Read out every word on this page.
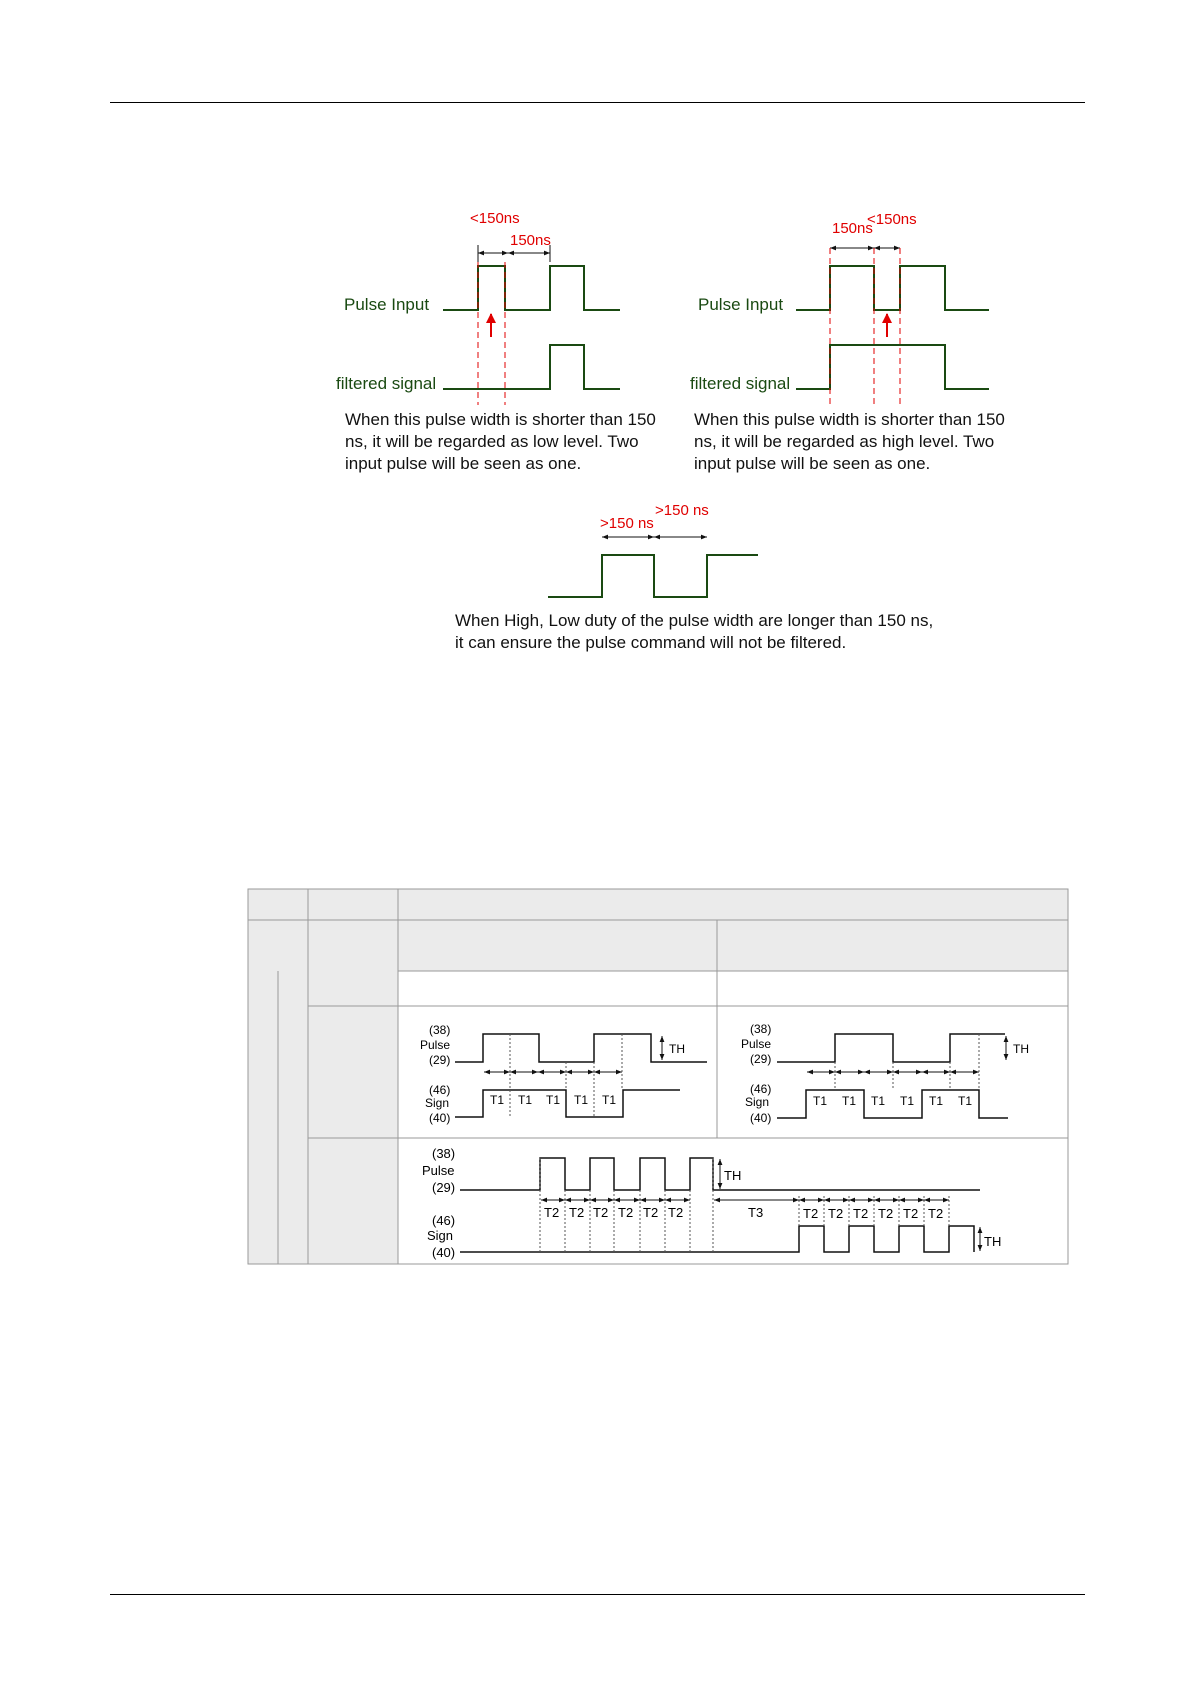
<150ns
150ns
Pulse Input
filtered signal
When this pulse width is shorter than 150 ns, it will be regarded as low level. Two input pulse will be seen as one.
150ns
<150ns
Pulse Input
filtered signal
When this pulse width is shorter than 150 ns, it will be regarded as high level. Two input pulse will be seen as one.
>150 ns
>150 ns
When High, Low duty of the pulse width are longer than 150 ns, it can ensure the pulse command will not be filtered.
(38)
Pulse
(29)
(46)
Sign
(40)
T1 T1 T1 T1 T1
TH
(38)
Pulse
(29)
(46)
Sign
(40)
T1 T1 T1 T1 T1 T1
TH
(38)
Pulse
(29)
(46)
Sign
(40)
T2 T2 T2 T2 T2 T2	T3	T2 T2 T2 T2 T2 T2
TH
TH
